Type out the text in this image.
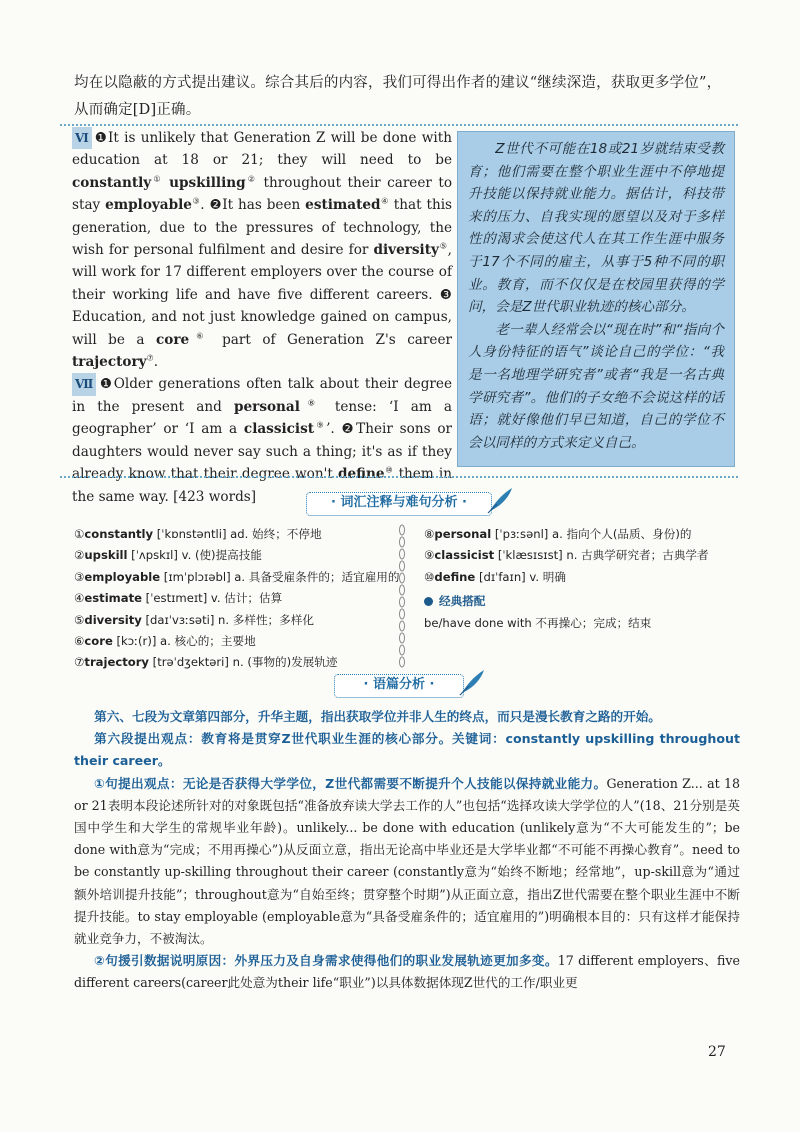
均在以隐蔽的方式提出建议。综合其后的内容，我们可得出作者的建议“继续深造，获取更多学位”，从而确定[D]正确。

Ⅵ ❶It is unlikely that Generation Z will be done with education at 18 or 21; they will need to be constantly① upskilling② throughout their career to stay employable③. ❷It has been estimated④ that this generation, due to the pressures of technology, the wish for personal fulfilment and desire for diversity⑤, will work for 17 different employers over the course of their working life and have five different careers. ❸ Education, and not just knowledge gained on campus, will be a core⑥ part of Generation Z's career trajectory⑦.

Ⅶ ❶Older generations often talk about their degree in the present and personal⑧ tense: ‘I am a geographer’ or ‘I am a classicist⑨’. ❷Their sons or daughters would never say such a thing; it's as if they already know that their degree won't define⑩ them in the same way. [423 words]

Z世代不可能在18或21岁就结束受教育；他们需要在整个职业生涯中不停地提升技能以保持就业能力。据估计，科技带来的压力、自我实现的愿望以及对于多样性的渴求会使这代人在其工作生涯中服务于17个不同的雇主，从事于5种不同的职业。教育，而不仅仅是在校园里获得的学问，会是Z世代职业轨迹的核心部分。

老一辈人经常会以“现在时”和“指向个人身份特征的语气”谈论自己的学位：“我是一名地理学研究者”或者“我是一名古典学研究者”。他们的子女绝不会说这样的话语；就好像他们早已知道，自己的学位不会以同样的方式来定义自己。

· 词汇注释与难句分析 ·
①constantly [ˈkɒnstəntli] ad. 始终；不停地
②upskill [ˈʌpskɪl] v. (使)提高技能
③employable [ɪmˈplɔɪəbl] a. 具备受雇条件的；适宜雇用的
④estimate [ˈestɪmeɪt] v. 估计；估算
⑤diversity [daɪˈvɜːsəti] n. 多样性；多样化
⑥core [kɔː(r)] a. 核心的；主要地
⑦trajectory [trəˈdʒektəri] n. (事物的)发展轨迹
⑧personal [ˈpɜːsənl] a. 指向个人(品质、身份)的
⑨classicist [ˈklæsɪsɪst] n. 古典学研究者；古典学者
⑩define [dɪˈfaɪn] v. 明确
经典搭配
be/have done with 不再操心；完成；结束
· 语篇分析 ·

第六、七段为文章第四部分，升华主题，指出获取学位并非人生的终点，而只是漫长教育之路的开始。

第六段提出观点：教育将是贯穿Z世代职业生涯的核心部分。关键词：constantly upskilling throughout their career。

①句提出观点：无论是否获得大学学位，Z世代都需要不断提升个人技能以保持就业能力。Generation Z... at 18 or 21表明本段论述所针对的对象既包括“准备放弃读大学去工作的人”也包括“选择攻读大学学位的人”(18、21分别是英国中学生和大学生的常规毕业年龄)。unlikely... be done with education (unlikely意为“不大可能发生的”；be done with意为“完成；不用再操心”)从反面立意，指出无论高中毕业还是大学毕业都“不可能不再操心教育”。need to be constantly up-skilling throughout their career (constantly意为“始终不断地；经常地”，up-skill意为“通过额外培训提升技能”；throughout意为“自始至终；贯穿整个时期”)从正面立意，指出Z世代需要在整个职业生涯中不断提升技能。to stay employable (employable意为“具备受雇条件的；适宜雇用的”)明确根本目的：只有这样才能保持就业竞争力，不被淘汰。

②句援引数据说明原因：外界压力及自身需求使得他们的职业发展轨迹更加多变。17 different employers、five different careers(career此处意为their life“职业”)以具体数据体现Z世代的工作/职业更

27
